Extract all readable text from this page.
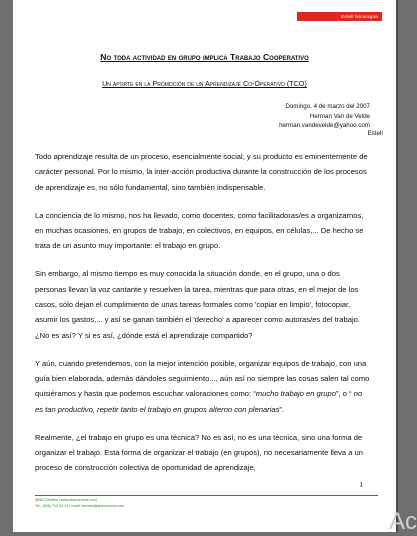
Estelí Nicaragua
No toda actividad en grupo implica Trabajo Cooperativo
Un aporte en la Promoción de un Aprendizaje Co-Operativo (TCO)
Domingo, 4 de marzo del 2007
Herman Van de Velde
herman.vandevelde@yahoo.com
Estelí

Todo aprendizaje resulta de un proceso, esencialmente social, y su producto es eminentemente de carácter personal. Por lo mismo, la inter-acción productiva durante la construcción de los procesos de aprendizaje es, no sólo fundamental, sino también indispensable.

La conciencia de lo mismo, nos ha llevado, como docentes, como facilitadoras/es a organizarnos, en muchas ocasiones, en grupos de trabajo, en colectivos, en equipos, en células,... De hecho se trata de un asunto muy importante: el trabajo en grupo.

Sin embargo, al mismo tiempo es muy conocida la situación donde, en el grupo, una o dos personas llevan la voz cantante y resuelven la tarea, mientras que para otras, en el mejor de los casos, sólo dejan el cumplimiento de unas tareas formales como 'copiar en limpio', fotocopiar, asumir los gastos,... y así se ganan también el 'derecho' a aparecer como autoras/es del trabajo. ¿No es así? Y si es así, ¿dónde está el aprendizaje compartido?

Y aún, cuando pretendemos, con la mejor intención posible, organizar equipos de trabajo, con una guía bien elaborada, además dándoles seguimiento..., aún así no siempre las cosas salen tal como quisiéramos y hasta que podemos escuchar valoraciones como: “mucho trabajo en grupo”, o “ no es tan productivo, repetir tanto el trabajo en grupos alterno con plenarias”.

Realmente, ¿el trabajo en grupo es una técnica? No es así, no es una técnica, sino una forma de organizar el trabajo. Esta forma de organizar el trabajo (en grupos), no necesariamente lleva a un proceso de construcción colectiva de oportunidad de aprendizaje,

1
ABACOenRed (www.abacoenred.com)
Tel.: (505) 713 34 13 / email: herman@abacoenred.com
Ac
